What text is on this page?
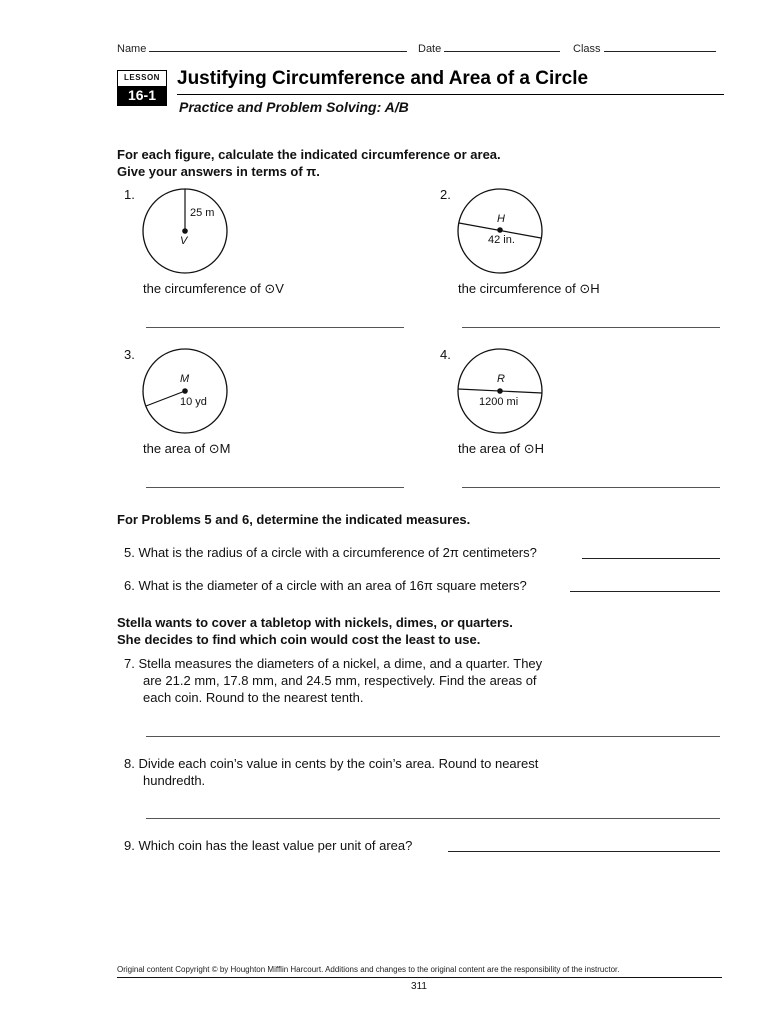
Name	Date	Class
LESSON
16-1
Justifying Circumference and Area of a Circle
Practice and Problem Solving: A/B
For each figure, calculate the indicated circumference or area.
Give your answers in terms of π.
1.
25 m
V
the circumference of ⊙V
2.
H
42 in.
the circumference of ⊙H
3.
M
10 yd
the area of ⊙M
4.
R
1200 mi
the area of ⊙H
For Problems 5 and 6, determine the indicated measures.
5. What is the radius of a circle with a circumference of 2π centimeters?
6. What is the diameter of a circle with an area of 16π square meters?
Stella wants to cover a tabletop with nickels, dimes, or quarters.
She decides to find which coin would cost the least to use.
7. Stella measures the diameters of a nickel, a dime, and a quarter. They
are 21.2 mm, 17.8 mm, and 24.5 mm, respectively. Find the areas of
each coin. Round to the nearest tenth.
8. Divide each coin’s value in cents by the coin’s area. Round to nearest
hundredth.
9. Which coin has the least value per unit of area?
Original content Copyright © by Houghton Mifflin Harcourt. Additions and changes to the original content are the responsibility of the instructor.
311
